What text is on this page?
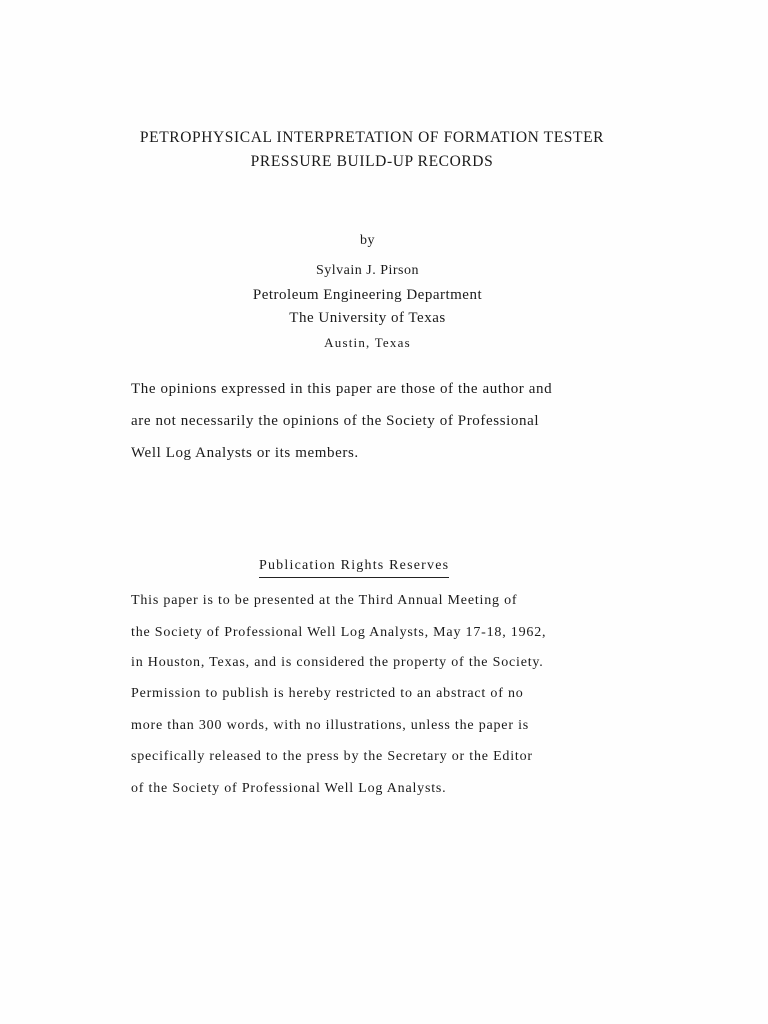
PETROPHYSICAL INTERPRETATION OF FORMATION TESTER
PRESSURE BUILD-UP RECORDS
by
Sylvain J. Pirson
Petroleum Engineering Department
The University of Texas
Austin, Texas
The opinions expressed in this paper are those of the author and
are not necessarily the opinions of the Society of Professional
Well Log Analysts or its members.
Publication Rights Reserves
This paper is to be presented at the Third Annual Meeting of
the Society of Professional Well Log Analysts, May 17-18, 1962,
in Houston, Texas, and is considered the property of the Society.
Permission to publish is hereby restricted to an abstract of no
more than 300 words, with no illustrations, unless the paper is
specifically released to the press by the Secretary or the Editor
of the Society of Professional Well Log Analysts.
